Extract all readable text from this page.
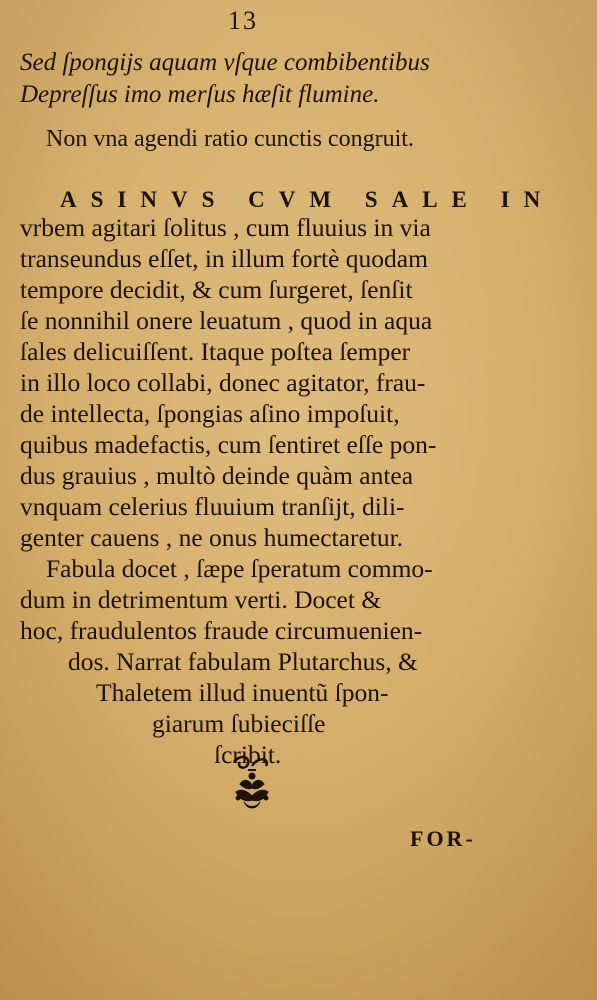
13
Sed ſpongijs aquam vſque combibentibus
Depreſſus imo merſus hæſit flumine.
Non vna agendi ratio cunctis congruit.
ASINVS CVM SALE IN
vrbem agitari ſolitus , cum fluuius in via
transeundus eſſet, in illum fortè quodam
tempore decidit, & cum ſurgeret, ſenſit
ſe nonnihil onere leuatum , quod in aqua
ſales delicuiſſent. Itaque poſtea ſemper
in illo loco collabi, donec agitator, frau-
de intellecta, ſpongias aſino impoſuit,
quibus madefactis, cum ſentiret eſſe pon-
dus grauius , multò deinde quàm antea
vnquam celerius fluuium tranſijt, dili-
genter cauens , ne onus humectaretur.
Fabula docet , ſæpe ſperatum commo-
dum in detrimentum verti. Docet &
hoc, fraudulentos fraude circumuenien-
dos. Narrat fabulam Plutarchus, &
Thaletem illud inuentũ ſpon-
giarum ſubieciſſe
ſcribit.
FOR-
